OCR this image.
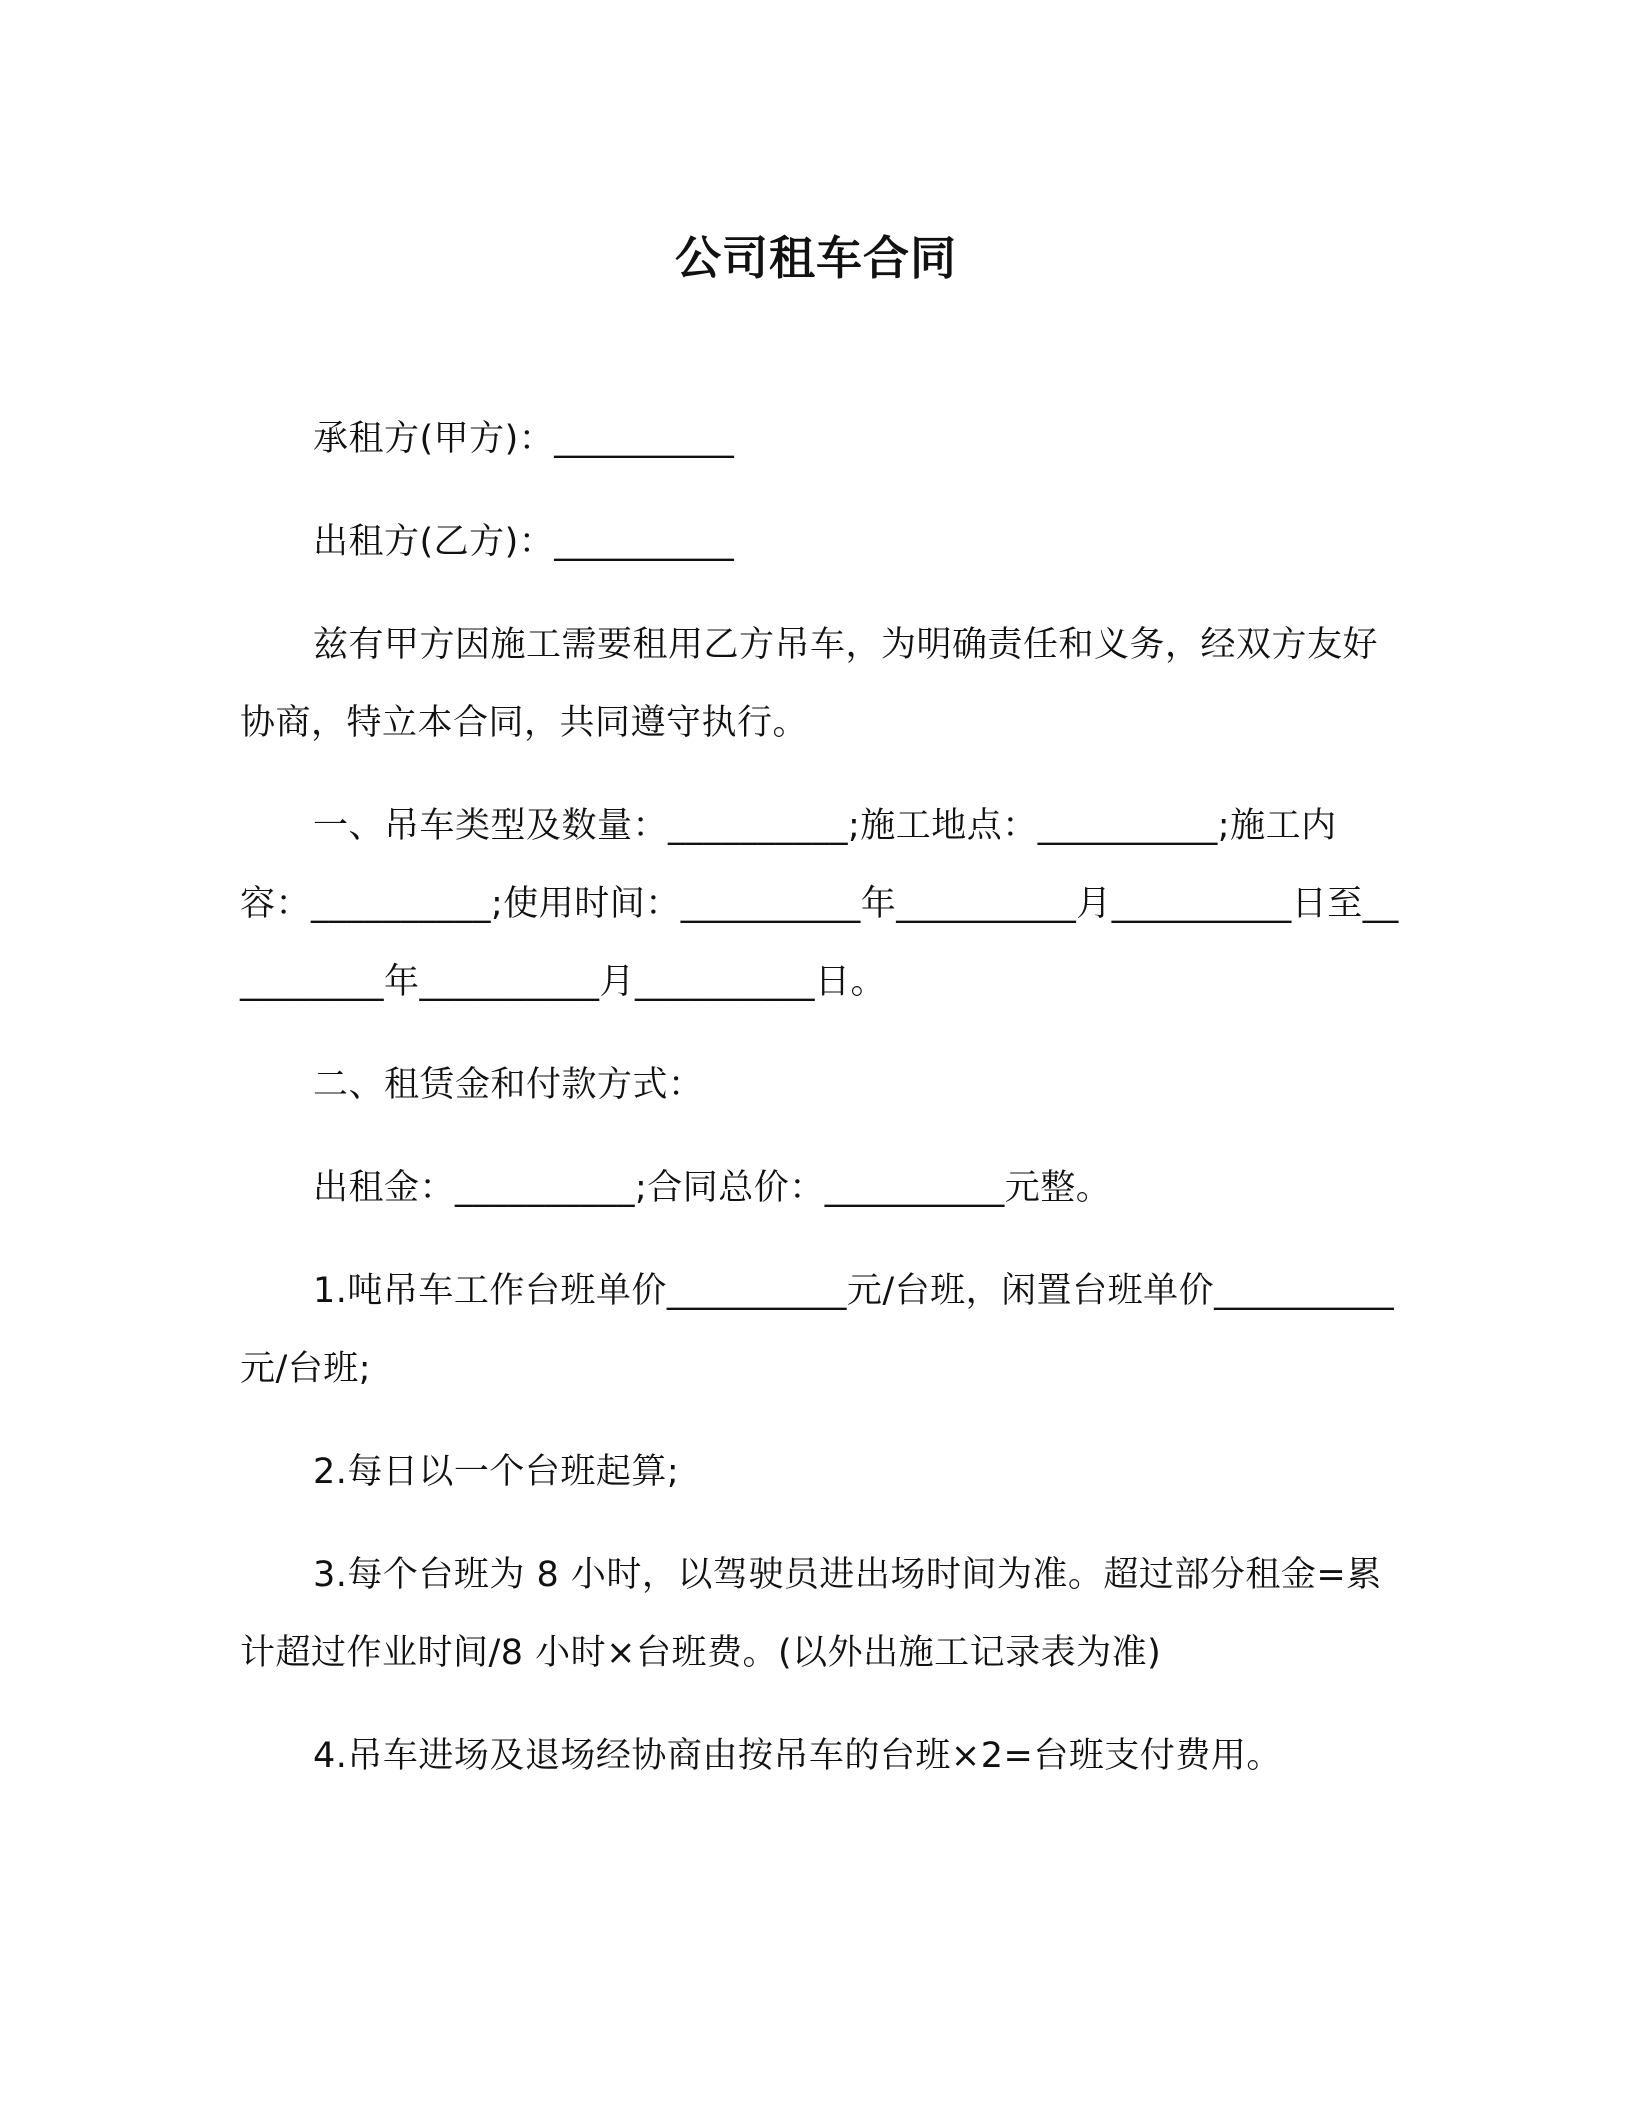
公司租车合同

承租方(甲方)：__________

出租方(乙方)：__________

兹有甲方因施工需要租用乙方吊车，为明确责任和义务，经双方友好协商，特立本合同，共同遵守执行。

一、吊车类型及数量：__________;施工地点：__________;施工内容：__________;使用时间：__________年__________月__________日至__________年__________月__________日。

二、租赁金和付款方式：

出租金：__________;合同总价：__________元整。

1.吨吊车工作台班单价__________元/台班，闲置台班单价__________元/台班;

2.每日以一个台班起算;

3.每个台班为 8 小时，以驾驶员进出场时间为准。超过部分租金=累计超过作业时间/8 小时×台班费。(以外出施工记录表为准)

4.吊车进场及退场经协商由按吊车的台班×2=台班支付费用。
